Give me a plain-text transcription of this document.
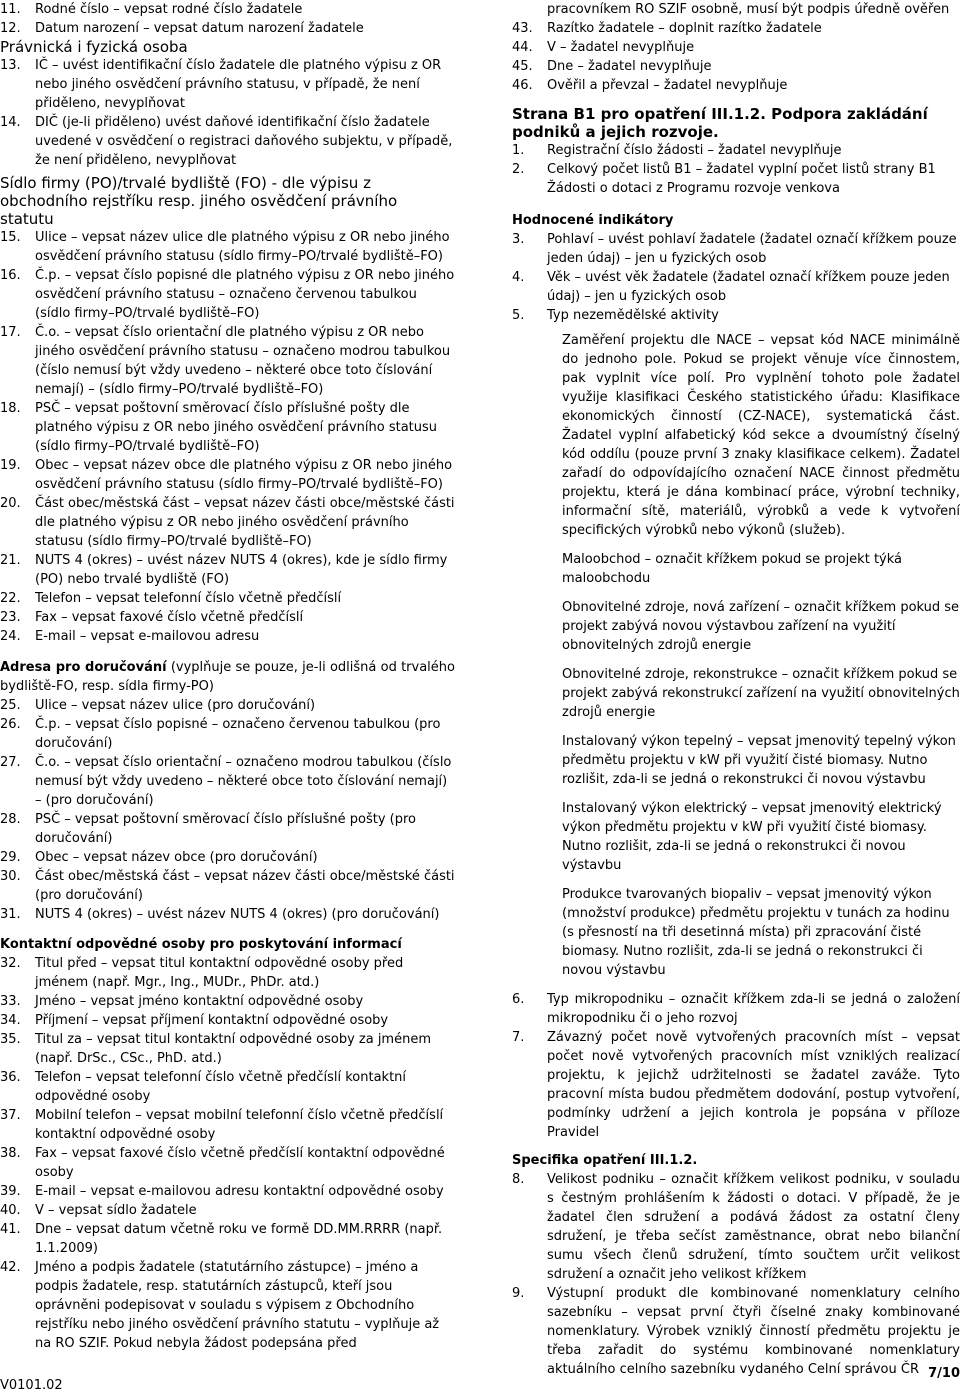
11.	Rodné číslo – vepsat rodné číslo žadatele
12.	Datum narození – vepsat datum narození žadatele
Právnická i fyzická osoba
13.	IČ – uvést identifikační číslo žadatele dle platného výpisu z OR nebo jiného osvědčení právního statusu, v případě, že není přiděleno, nevyplňovat
14.	DIČ (je-li přiděleno) uvést daňové identifikační číslo žadatele uvedené v osvědčení o registraci daňového subjektu, v případě, že není přiděleno, nevyplňovat
Sídlo firmy (PO)/trvalé bydliště (FO) - dle výpisu z obchodního rejstříku resp. jiného osvědčení právního statutu
15.	Ulice – vepsat název ulice dle platného výpisu z OR nebo jiného osvědčení právního statusu (sídlo firmy–PO/trvalé bydliště–FO)
16.	Č.p. – vepsat číslo popisné dle platného výpisu z OR nebo jiného osvědčení právního statusu – označeno červenou tabulkou (sídlo firmy–PO/trvalé bydliště–FO)
17.	Č.o. – vepsat číslo orientační dle platného výpisu z OR nebo jiného osvědčení právního statusu – označeno modrou tabulkou (číslo nemusí být vždy uvedeno – některé obce toto číslování nemají) – (sídlo firmy–PO/trvalé bydliště–FO)
18.	PSČ – vepsat poštovní směrovací číslo příslušné pošty dle platného výpisu z OR nebo jiného osvědčení právního statusu (sídlo firmy–PO/trvalé bydliště–FO)
19.	Obec – vepsat název obce dle platného výpisu z OR nebo jiného osvědčení právního statusu (sídlo firmy–PO/trvalé bydliště–FO)
20.	Část obec/městská část – vepsat název části obce/městské části dle platného výpisu z OR nebo jiného osvědčení právního statusu (sídlo firmy–PO/trvalé bydliště–FO)
21.	NUTS 4 (okres) – uvést název NUTS 4 (okres), kde je sídlo firmy (PO) nebo trvalé bydliště (FO)
22.	Telefon – vepsat telefonní číslo včetně předčíslí
23.	Fax – vepsat faxové číslo včetně předčíslí
24.	E-mail – vepsat e-mailovou adresu
Adresa pro doručování (vyplňuje se pouze, je-li odlišná od trvalého bydliště-FO, resp. sídla firmy-PO)
25.	Ulice – vepsat název ulice (pro doručování)
26.	Č.p. – vepsat číslo popisné – označeno červenou tabulkou (pro doručování)
27.	Č.o. – vepsat číslo orientační – označeno modrou tabulkou (číslo nemusí být vždy uvedeno – některé obce toto číslování nemají) – (pro doručování)
28.	PSČ – vepsat poštovní směrovací číslo příslušné pošty (pro doručování)
29.	Obec – vepsat název obce (pro doručování)
30.	Část obec/městská část – vepsat název části obce/městské části (pro doručování)
31.	NUTS 4 (okres) – uvést název NUTS 4 (okres) (pro doručování)
Kontaktní odpovědné osoby pro poskytování informací
32.	Titul před – vepsat titul kontaktní odpovědné osoby před jménem (např. Mgr., Ing., MUDr., PhDr. atd.)
33.	Jméno – vepsat jméno kontaktní odpovědné osoby
34.	Příjmení – vepsat příjmení kontaktní odpovědné osoby
35.	Titul za – vepsat titul kontaktní odpovědné osoby za jménem (např. DrSc., CSc., PhD. atd.)
36.	Telefon – vepsat telefonní číslo včetně předčíslí kontaktní odpovědné osoby
37.	Mobilní telefon – vepsat mobilní telefonní číslo včetně předčíslí kontaktní odpovědné osoby
38.	Fax – vepsat faxové číslo včetně předčíslí kontaktní odpovědné osoby
39.	E-mail – vepsat e-mailovou adresu kontaktní odpovědné osoby
40.	V – vepsat sídlo žadatele
41.	Dne – vepsat datum včetně roku ve formě DD.MM.RRRR (např. 1.1.2009)
42.	Jméno a podpis žadatele (statutárního zástupce) – jméno a podpis žadatele, resp. statutárních zástupců, kteří jsou oprávněni podepisovat v souladu s výpisem z Obchodního rejstříku nebo jiného osvědčení právního statutu – vyplňuje až na RO SZIF. Pokud nebyla žádost podepsána před
pracovníkem RO SZIF osobně, musí být podpis úředně ověřen
43.	Razítko žadatele – doplnit razítko žadatele
44.	V – žadatel nevyplňuje
45.	Dne – žadatel nevyplňuje
46.	Ověřil a převzal – žadatel nevyplňuje
Strana B1 pro opatření III.1.2. Podpora zakládání podniků a jejich rozvoje.
1.	Registrační číslo žádosti – žadatel nevyplňuje
2.	Celkový počet listů B1 – žadatel vyplní počet listů strany B1 Žádosti o dotaci z Programu rozvoje venkova
Hodnocené indikátory
3.	Pohlaví – uvést pohlaví žadatele (žadatel označí křížkem pouze jeden údaj) – jen u fyzických osob
4.	Věk – uvést věk žadatele (žadatel označí křížkem pouze jeden údaj) – jen u fyzických osob
5.	Typ nezemědělské aktivity
Zaměření projektu dle NACE – vepsat kód NACE minimálně do jednoho pole. Pokud se projekt věnuje více činnostem, pak vyplnit více polí. Pro vyplnění tohoto pole žadatel využije klasifikaci Českého statistického úřadu: Klasifikace ekonomických činností (CZ-NACE), systematická část. Žadatel vyplní alfabetický kód sekce a dvoumístný číselný kód oddílu (pouze první 3 znaky klasifikace celkem). Žadatel zařadí do odpovídajícího označení NACE činnost předmětu projektu, která je dána kombinací práce, výrobní techniky, informační sítě, materiálů, výrobků a vede k vytvoření specifických výrobků nebo výkonů (služeb).
Maloobchod – označit křížkem pokud se projekt týká maloobchodu
Obnovitelné zdroje, nová zařízení – označit křížkem pokud se projekt zabývá novou výstavbou zařízení na využití obnovitelných zdrojů energie
Obnovitelné zdroje, rekonstrukce – označit křížkem pokud se projekt zabývá rekonstrukcí zařízení na využití obnovitelných zdrojů energie
Instalovaný výkon tepelný – vepsat jmenovitý tepelný výkon předmětu projektu v kW při využití čisté biomasy. Nutno rozlišit, zda-li se jedná o rekonstrukci či novou výstavbu
Instalovaný výkon elektrický – vepsat jmenovitý elektrický výkon předmětu projektu v kW při využití čisté biomasy. Nutno rozlišit, zda-li se jedná o rekonstrukci či novou výstavbu
Produkce tvarovaných biopaliv – vepsat jmenovitý výkon (množství produkce) předmětu projektu v tunách za hodinu (s přesností na tři desetinná místa) při zpracování čisté biomasy. Nutno rozlišit, zda-li se jedná o rekonstrukci či novou výstavbu
6.	Typ mikropodniku – označit křížkem zda-li se jedná o založení mikropodniku či o jeho rozvoj
7.	Závazný počet nově vytvořených pracovních míst – vepsat počet nově vytvořených pracovních míst vzniklých realizací projektu, k jejichž udržitelnosti se žadatel zaváže. Tyto pracovní místa budou předmětem dodování, postup vytvoření, podmínky udržení a jejich kontrola je popsána v příloze Pravidel
Specifika opatření III.1.2.
8.	Velikost podniku – označit křížkem velikost podniku, v souladu s čestným prohlášením k žádosti o dotaci. V případě, že je žadatel člen sdružení a podává žádost za ostatní členy sdružení, je třeba sečíst zaměstnance, obrat nebo bilanční sumu všech členů sdružení, tímto součtem určit velikost sdružení a označit jeho velikost křížkem
9.	Výstupní produkt dle kombinované nomenklatury celního sazebníku – vepsat první čtyři číselné znaky kombinované nomenklatury. Výrobek vzniklý činností předmětu projektu je třeba zařadit do systému kombinované nomenklatury aktuálního celního sazebníku vydaného Celní správou ČR
V0101.02
7/10
